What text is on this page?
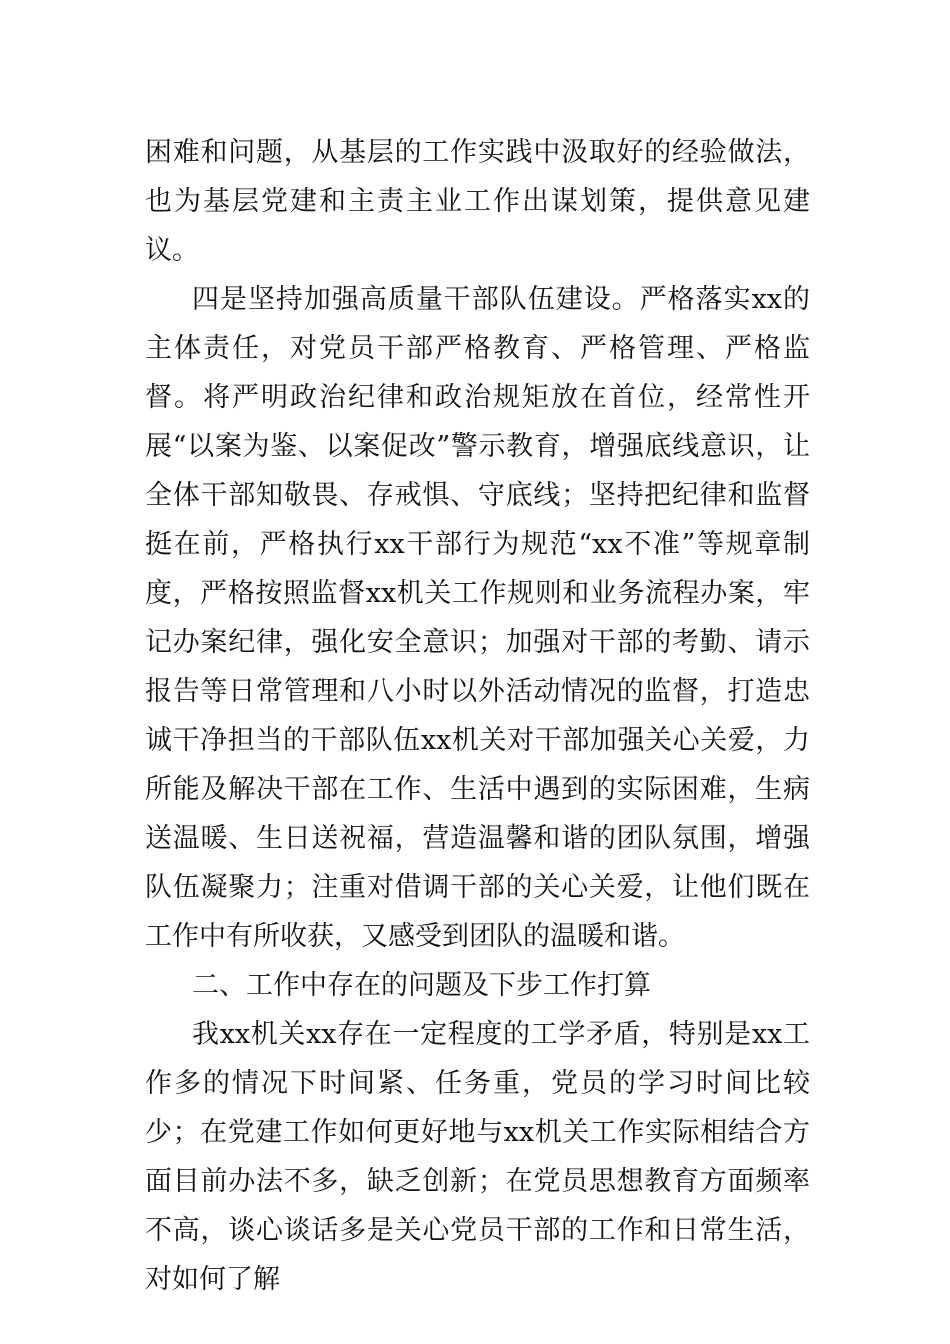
困难和问题，从基层的工作实践中汲取好的经验做法，也为基层党建和主责主业工作出谋划策，提供意见建议。

四是坚持加强高质量干部队伍建设。严格落实xx的主体责任，对党员干部严格教育、严格管理、严格监督。将严明政治纪律和政治规矩放在首位，经常性开展“以案为鉴、以案促改”警示教育，增强底线意识，让全体干部知敬畏、存戒惧、守底线；坚持把纪律和监督挺在前，严格执行xx干部行为规范“xx不准”等规章制度，严格按照监督xx机关工作规则和业务流程办案，牢记办案纪律，强化安全意识；加强对干部的考勤、请示报告等日常管理和八小时以外活动情况的监督，打造忠诚干净担当的干部队伍xx机关对干部加强关心关爱，力所能及解决干部在工作、生活中遇到的实际困难，生病送温暖、生日送祝福，营造温馨和谐的团队氛围，增强队伍凝聚力；注重对借调干部的关心关爱，让他们既在工作中有所收获，又感受到团队的温暖和谐。

二、工作中存在的问题及下步工作打算

我xx机关xx存在一定程度的工学矛盾，特别是xx工作多的情况下时间紧、任务重，党员的学习时间比较少；在党建工作如何更好地与xx机关工作实际相结合方面目前办法不多，缺乏创新；在党员思想教育方面频率不高，谈心谈话多是关心党员干部的工作和日常生活，对如何了解
